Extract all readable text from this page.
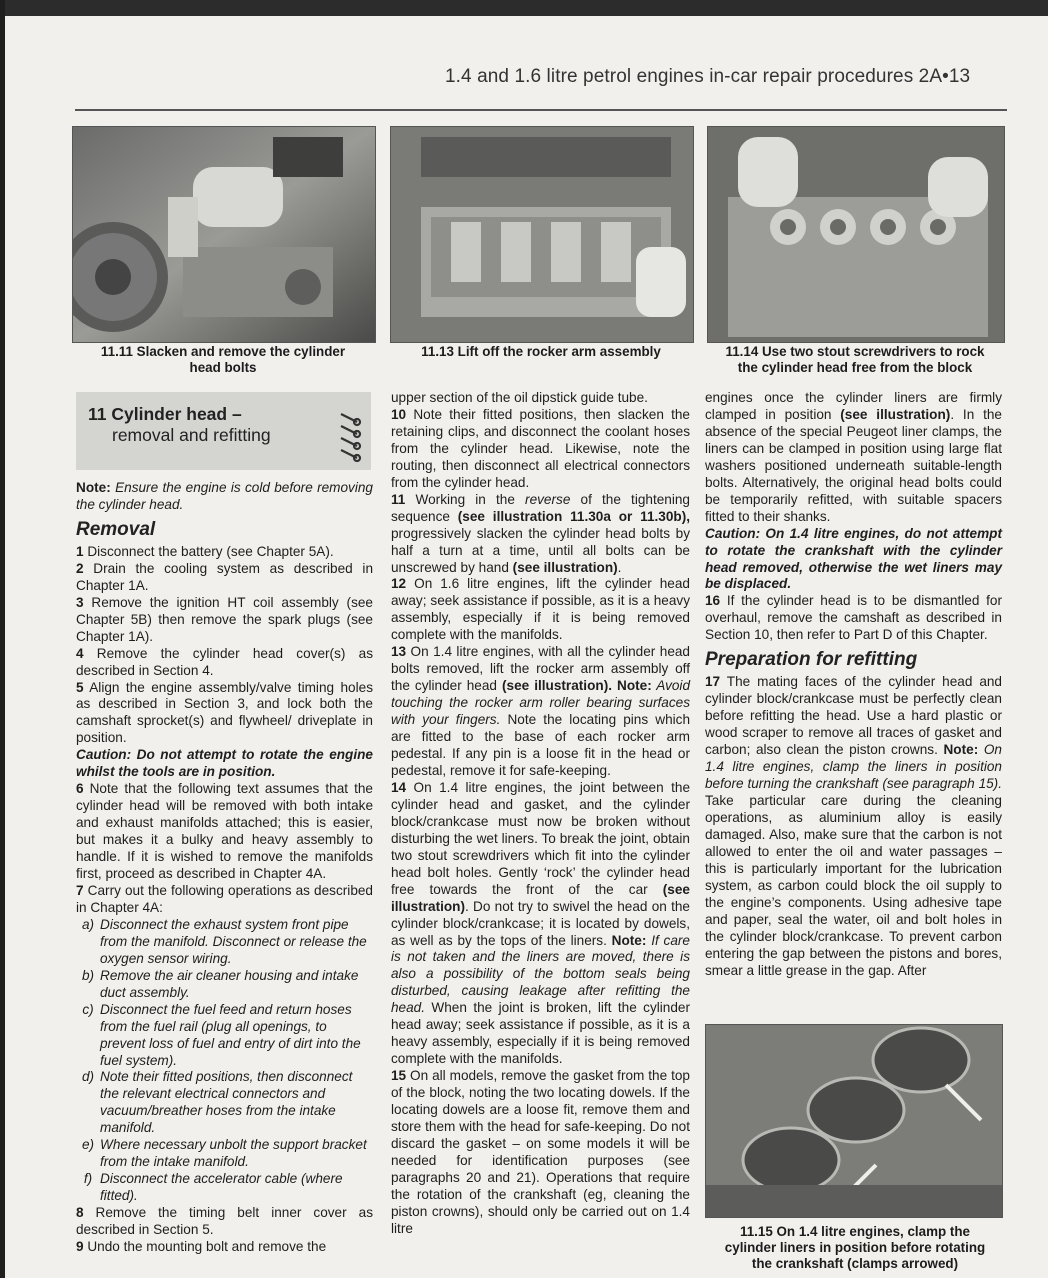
1.4 and 1.6 litre petrol engines in-car repair procedures 2A•13
11.11 Slacken and remove the cylinder
head bolts
11.13 Lift off the rocker arm assembly	11.14 Use two stout screwdrivers to rock
the cylinder head free from the block
11 Cylinder head –
removal and refitting

Note: Ensure the engine is cold before removing the cylinder head.

Removal

1 Disconnect the battery (see Chapter 5A).

2 Drain the cooling system as described in Chapter 1A.

3 Remove the ignition HT coil assembly (see Chapter 5B) then remove the spark plugs (see Chapter 1A).

4 Remove the cylinder head cover(s) as described in Section 4.

5 Align the engine assembly/valve timing holes as described in Section 3, and lock both the camshaft sprocket(s) and flywheel/ driveplate in position.

Caution: Do not attempt to rotate the engine whilst the tools are in position.

6 Note that the following text assumes that the cylinder head will be removed with both intake and exhaust manifolds attached; this is easier, but makes it a bulky and heavy assembly to handle. If it is wished to remove the manifolds first, proceed as described in Chapter 4A.

7 Carry out the following operations as described in Chapter 4A:

a) Disconnect the exhaust system front pipe from the manifold. Disconnect or release the oxygen sensor wiring.

b) Remove the air cleaner housing and intake duct assembly.

c) Disconnect the fuel feed and return hoses from the fuel rail (plug all openings, to prevent loss of fuel and entry of dirt into the fuel system).

d) Note their fitted positions, then disconnect the relevant electrical connectors and vacuum/breather hoses from the intake manifold.

e) Where necessary unbolt the support bracket from the intake manifold.

f) Disconnect the accelerator cable (where fitted).

8 Remove the timing belt inner cover as described in Section 5.

9 Undo the mounting bolt and remove the

upper section of the oil dipstick guide tube.

10 Note their fitted positions, then slacken the retaining clips, and disconnect the coolant hoses from the cylinder head. Likewise, note the routing, then disconnect all electrical connectors from the cylinder head.

11 Working in the reverse of the tightening sequence (see illustration 11.30a or 11.30b), progressively slacken the cylinder head bolts by half a turn at a time, until all bolts can be unscrewed by hand (see illustration).

12 On 1.6 litre engines, lift the cylinder head away; seek assistance if possible, as it is a heavy assembly, especially if it is being removed complete with the manifolds.

13 On 1.4 litre engines, with all the cylinder head bolts removed, lift the rocker arm assembly off the cylinder head (see illustration). Note: Avoid touching the rocker arm roller bearing surfaces with your fingers. Note the locating pins which are fitted to the base of each rocker arm pedestal. If any pin is a loose fit in the head or pedestal, remove it for safe-keeping.

14 On 1.4 litre engines, the joint between the cylinder head and gasket, and the cylinder block/crankcase must now be broken without disturbing the wet liners. To break the joint, obtain two stout screwdrivers which fit into the cylinder head bolt holes. Gently ‘rock’ the cylinder head free towards the front of the car (see illustration). Do not try to swivel the head on the cylinder block/crankcase; it is located by dowels, as well as by the tops of the liners. Note: If care is not taken and the liners are moved, there is also a possibility of the bottom seals being disturbed, causing leakage after refitting the head. When the joint is broken, lift the cylinder head away; seek assistance if possible, as it is a heavy assembly, especially if it is being removed complete with the manifolds.

15 On all models, remove the gasket from the top of the block, noting the two locating dowels. If the locating dowels are a loose fit, remove them and store them with the head for safe-keeping. Do not discard the gasket – on some models it will be needed for identification purposes (see paragraphs 20 and 21). Operations that require the rotation of the crankshaft (eg, cleaning the piston crowns), should only be carried out on 1.4 litre

engines once the cylinder liners are firmly clamped in position (see illustration). In the absence of the special Peugeot liner clamps, the liners can be clamped in position using large flat washers positioned underneath suitable-length bolts. Alternatively, the original head bolts could be temporarily refitted, with suitable spacers fitted to their shanks.

Caution: On 1.4 litre engines, do not attempt to rotate the crankshaft with the cylinder head removed, otherwise the wet liners may be displaced.

16 If the cylinder head is to be dismantled for overhaul, remove the camshaft as described in Section 10, then refer to Part D of this Chapter.

Preparation for refitting

17 The mating faces of the cylinder head and cylinder block/crankcase must be perfectly clean before refitting the head. Use a hard plastic or wood scraper to remove all traces of gasket and carbon; also clean the piston crowns. Note: On 1.4 litre engines, clamp the liners in position before turning the crankshaft (see paragraph 15). Take particular care during the cleaning operations, as aluminium alloy is easily damaged. Also, make sure that the carbon is not allowed to enter the oil and water passages – this is particularly important for the lubrication system, as carbon could block the oil supply to the engine’s components. Using adhesive tape and paper, seal the water, oil and bolt holes in the cylinder block/crankcase. To prevent carbon entering the gap between the pistons and bores, smear a little grease in the gap. After

11.15 On 1.4 litre engines, clamp the
cylinder liners in position before rotating
the crankshaft (clamps arrowed)
